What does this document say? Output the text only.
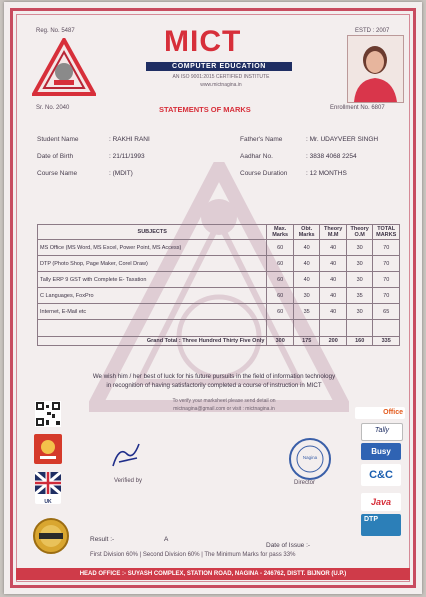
Reg. No. 5487	MICT
COMPUTER EDUCATION
AN ISO 9001:2015 CERTIFIED INSTITUTE
www.mictnagina.in
ESTD : 2007
Sr. No. 2040	STATEMENTS OF MARKS	Enrollment No. 6807
Student Name	: RAKHI RANI
Date of Birth	: 21/11/1993
Course Name	: (MDIT)
Father's Name	: Mr. UDAYVEER SINGH
Aadhar No.	: 3838 4068 2254
Course Duration	: 12 MONTHS
SUBJECTS	Max. Marks	Obt. Marks	Theory M.M	Theory O.M	TOTAL MARKS
MS Office (MS Word, MS Excel, Power Point, MS Access)	60	40	40	30	70
DTP (Photo Shop, Page Maker, Corel Draw)	60	40	40	30	70
Tally ERP 9 GST with Complete E- Taxation	60	40	40	30	70
C Languages, FoxPro	60	30	40	35	70
Internet, E-Mail etc	60	35	40	30	65

Grand Total : Three Hundred Thirty Five Only	300	175	200	160	335
We wish him / her best of luck for his future pursuits in the field of information technology
in recognition of having satisfactorily completed a course of instruction in MICT
To verify your marksheet please send detail on
mictnagina@gmail.com or visit : mictnagina.in
UK
Verified by
Nagina
Director
Office
Tally
Busy
C&C
Java
DTP
Result :-	A
Date of Issue :-
First Division 60% | Second Division 60% | The Minimum Marks for pass 33%
HEAD OFFICE :- SUYASH COMPLEX, STATION ROAD, NAGINA - 246762, DISTT. BIJNOR (U.P.)
